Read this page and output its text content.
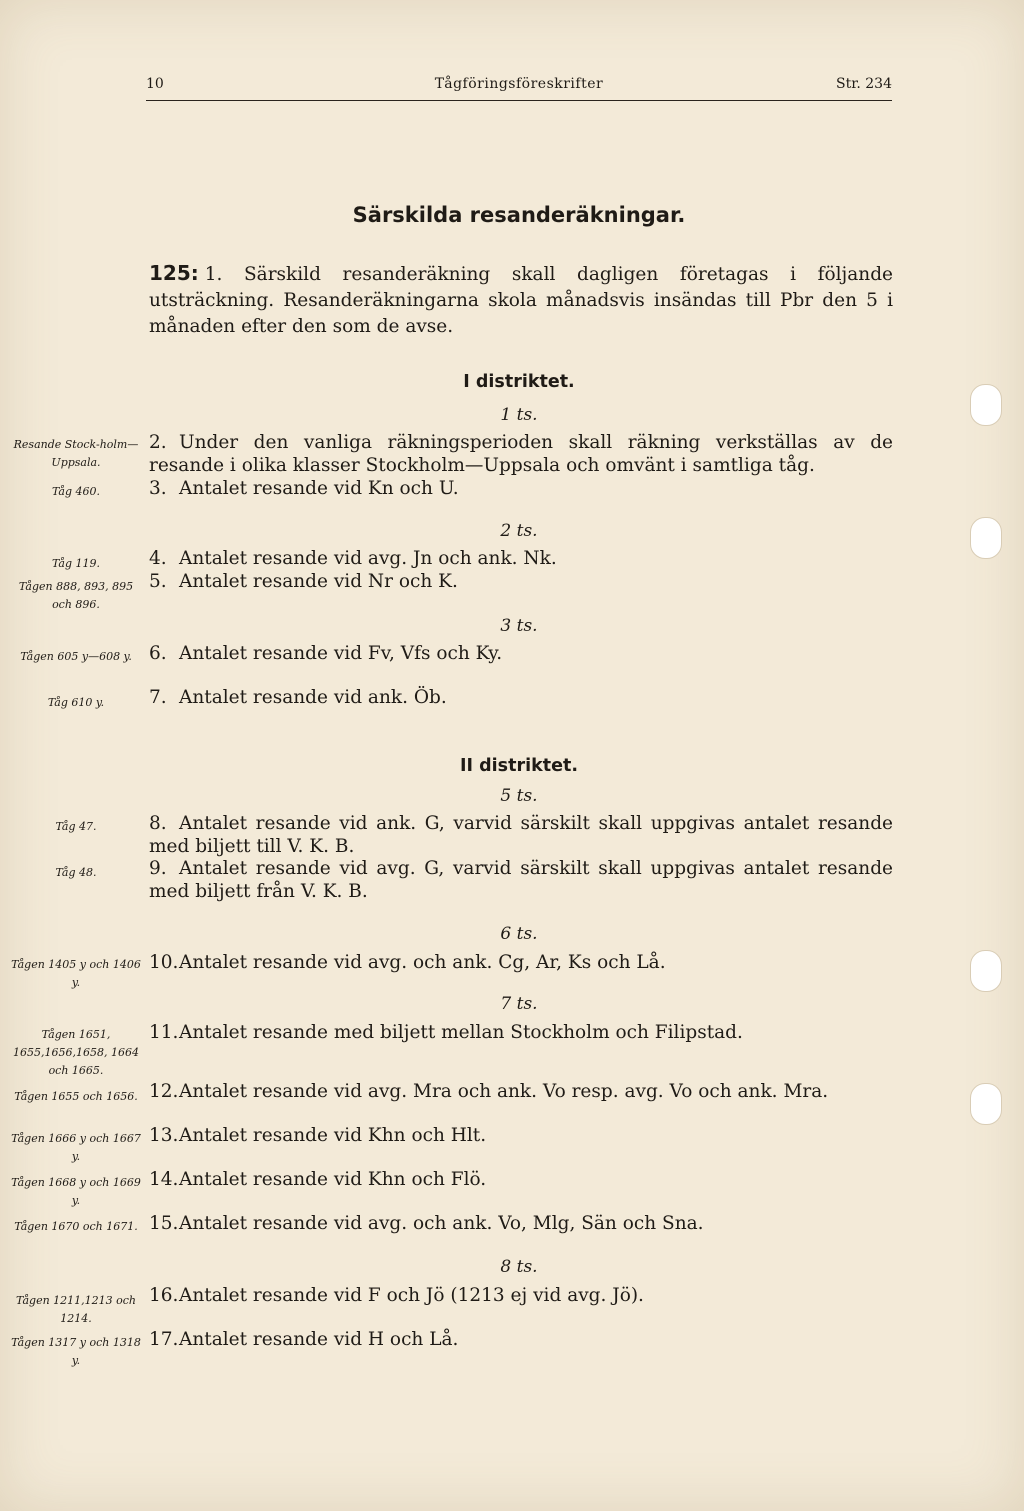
10	Tågföringsföreskrifter	Str. 234
Särskilda resanderäkningar.
125: 1. Särskild resanderäkning skall dagligen företagas i följande utsträckning. Resanderäkningarna skola månadsvis insändas till Pbr den 5 i månaden efter den som de avse.
I distriktet.
1 ts.
2. Under den vanliga räkningsperioden skall räkning verkställas av de resande i olika klasser Stockholm—Uppsala och omvänt i samtliga tåg.
3. Antalet resande vid Kn och U.
2 ts.
4. Antalet resande vid avg. Jn och ank. Nk.
5. Antalet resande vid Nr och K.
3 ts.
6. Antalet resande vid Fv, Vfs och Ky.
7. Antalet resande vid ank. Öb.
II distriktet.
5 ts.
8. Antalet resande vid ank. G, varvid särskilt skall uppgivas antalet resande med biljett till V. K. B.
9. Antalet resande vid avg. G, varvid särskilt skall uppgivas antalet resande med biljett från V. K. B.
6 ts.
10.Antalet resande vid avg. och ank. Cg, Ar, Ks och Lå.
7 ts.
11.Antalet resande med biljett mellan Stockholm och Filipstad.
12.Antalet resande vid avg. Mra och ank. Vo resp. avg. Vo och ank. Mra.
13.Antalet resande vid Khn och Hlt.
14.Antalet resande vid Khn och Flö.
15.Antalet resande vid avg. och ank. Vo, Mlg, Sän och Sna.
8 ts.
16.Antalet resande vid F och Jö (1213 ej vid avg. Jö).
17.Antalet resande vid H och Lå.
Resande Stock-holm—Uppsala.
Tåg 460.
Tåg 119.
Tågen 888, 893, 895 och 896.
Tågen 605 y—608 y.
Tåg 610 y.
Tåg 47.
Tåg 48.
Tågen 1405 y och 1406 y.
Tågen 1651, 1655,1656,1658, 1664 och 1665.
Tågen 1655 och 1656.
Tågen 1666 y och 1667 y.
Tågen 1668 y och 1669 y.
Tågen 1670 och 1671.
Tågen 1211,1213 och 1214.
Tågen 1317 y och 1318 y.
